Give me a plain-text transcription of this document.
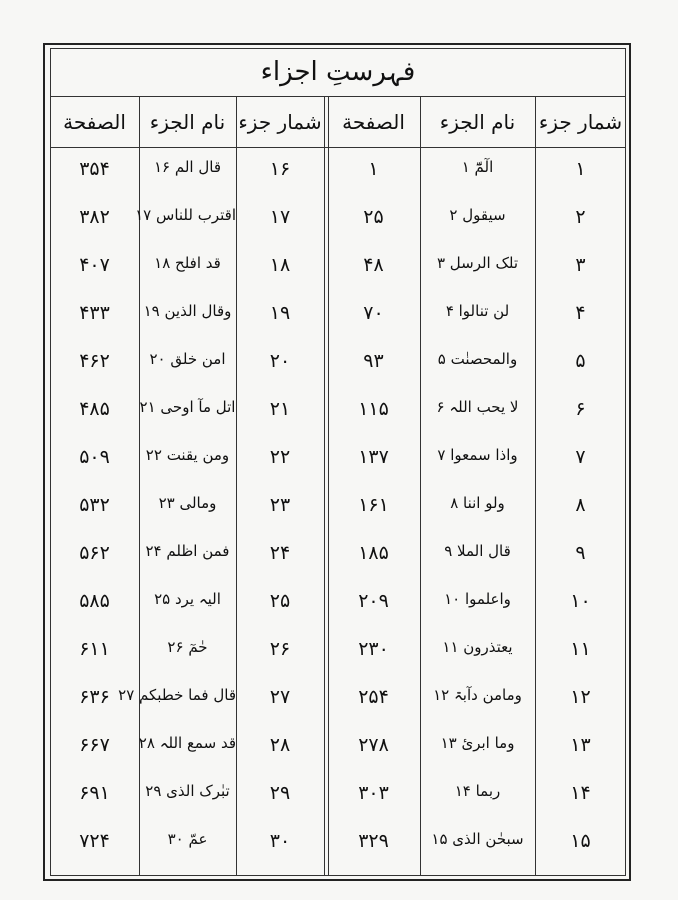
فہرستِ اجزاء
شمار جزء
نام الجزء
الصفحة
شمار جزء
نام الجزء
الصفحة
۱
الٓمّٓ ۱
۱
۲
سیقول ۲
۲۵
۳
تلک الرسل ۳
۴۸
۴
لن تنالوا ۴
۷۰
۵
والمحصنٰت ۵
۹۳
۶
لا یحب اللہ ۶
۱۱۵
۷
واذا سمعوا ۷
۱۳۷
۸
ولو اننا ۸
۱۶۱
۹
قال الملا ۹
۱۸۵
۱۰
واعلموا ۱۰
۲۰۹
۱۱
یعتذرون ۱۱
۲۳۰
۱۲
ومامن دآبۃ ۱۲
۲۵۴
۱۳
وما ابرئ ۱۳
۲۷۸
۱۴
ربما ۱۴
۳۰۳
۱۵
سبحٰن الذی ۱۵
۳۲۹
۱۶
قال الم ۱۶
۳۵۴
۱۷
اقترب للناس ۱۷
۳۸۲
۱۸
قد افلح ۱۸
۴۰۷
۱۹
وقال الذین ۱۹
۴۳۳
۲۰
امن خلق ۲۰
۴۶۲
۲۱
اتل مآ اوحی ۲۱
۴۸۵
۲۲
ومن یقنت ۲۲
۵۰۹
۲۳
ومالی ۲۳
۵۳۲
۲۴
فمن اظلم ۲۴
۵۶۲
۲۵
الیہ یرد ۲۵
۵۸۵
۲۶
حٰمٓ ۲۶
۶۱۱
۲۷
قال فما خطبکم ۲۷
۶۳۶
۲۸
قد سمع اللہ ۲۸
۶۶۷
۲۹
تبٰرک الذی ۲۹
۶۹۱
۳۰
عمّ ۳۰
۷۲۴
